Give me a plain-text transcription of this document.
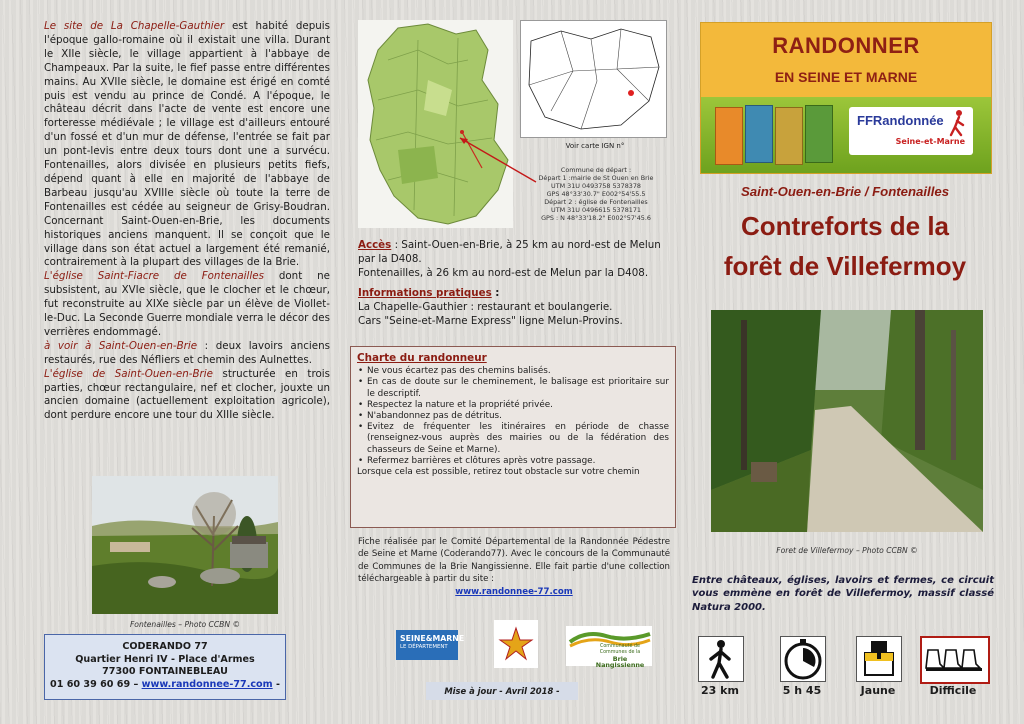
Le site de La Chapelle-Gauthier est habité depuis l'époque gallo-romaine où il existait une villa. Durant le XIIe siècle, le village appartient à l'abbaye de Champeaux. Par la suite, le fief passe entre différentes mains. Au XVIIe siècle, le domaine est érigé en comté puis est vendu au prince de Condé. A l'époque, le château décrit dans l'acte de vente est encore une forteresse médiévale ; le village est d'ailleurs entouré d'un fossé et d'un mur de défense, l'entrée se fait par un pont-levis entre deux tours dont une a survécu. Fontenailles, alors divisée en plusieurs petits fiefs, dépend quant à elle en majorité de l'abbaye de Barbeau jusqu'au XVIIIe siècle où toute la terre de Fontenailles est cédée au seigneur de Grisy-Boudran. Concernant Saint-Ouen-en-Brie, les documents historiques anciens manquent. Il se conçoit que le village dans son état actuel a largement été remanié, contrairement à la plupart des villages de la Brie.

L'église Saint-Fiacre de Fontenailles dont ne subsistent, au XVIe siècle, que le clocher et le chœur, fut reconstruite au XIXe siècle par un élève de Viollet-le-Duc. La Seconde Guerre mondiale verra le décor des verrières endommagé.

à voir à Saint-Ouen-en-Brie : deux lavoirs anciens restaurés, rue des Néfliers et chemin des Aulnettes.

L'église de Saint-Ouen-en-Brie structurée en trois parties, chœur rectangulaire, nef et clocher, jouxte un ancien domaine (actuellement exploitation agricole), dont perdure encore une tour du XIIIe siècle.

Fontenailles – Photo CCBN ©
CODERANDO 77
Quartier Henri IV - Place d'Armes
77300 FONTAINEBLEAU
01 60 39 60 69 – www.randonnee-77.com -
Voir carte IGN n°
Commune de départ :
Départ 1 :mairie de St Ouen en Brie
UTM 31U 0493758 5378378
GPS 48°33'30.7" E002°54'55.5
Départ 2 : église de Fontenailles
UTM 31U 0496615 5378171
GPS : N 48°33'18.2" E002°57'45.6
Accès : Saint-Ouen-en-Brie, à 25 km au nord-est de Melun par la D408.
Fontenailles, à 26 km au nord-est de Melun par la D408.
Informations pratiques :
La Chapelle-Gauthier : restaurant et boulangerie.
Cars "Seine-et-Marne Express" ligne Melun-Provins.
Charte du randonneur
• Ne vous écartez pas des chemins balisés.
• En cas de doute sur le cheminement, le balisage est prioritaire sur le descriptif.
• Respectez la nature et la propriété privée.
• N'abandonnez pas de détritus.
• Evitez de fréquenter les itinéraires en période de chasse (renseignez-vous auprès des mairies ou de la fédération des chasseurs de Seine et Marne).
• Refermez barrières et clôtures après votre passage.
Lorsque cela est possible, retirez tout obstacle sur votre chemin
Fiche réalisée par le Comité Départemental de la Randonnée Pédestre de Seine et Marne (Coderando77). Avec le concours de la Communauté de Communes de la Brie Nangissienne. Elle fait partie d'une collection téléchargeable à partir du site :
www.randonnee-77.com
SEINE&MARNE
LE DÉPARTEMENT	Communauté de Communes de la
Brie Nangissienne
Mise à jour - Avril 2018 -
RANDONNER
EN SEINE ET MARNE
FFRandonnée
Seine-et-Marne
Saint-Ouen-en-Brie / Fontenailles
Contreforts de la
forêt de Villefermoy
Foret de Villefermoy – Photo CCBN ©
Entre châteaux, églises, lavoirs et fermes, ce circuit vous emmène en forêt de Villefermoy, massif classé Natura 2000.
23 km	5 h 45	Jaune	Difficile
